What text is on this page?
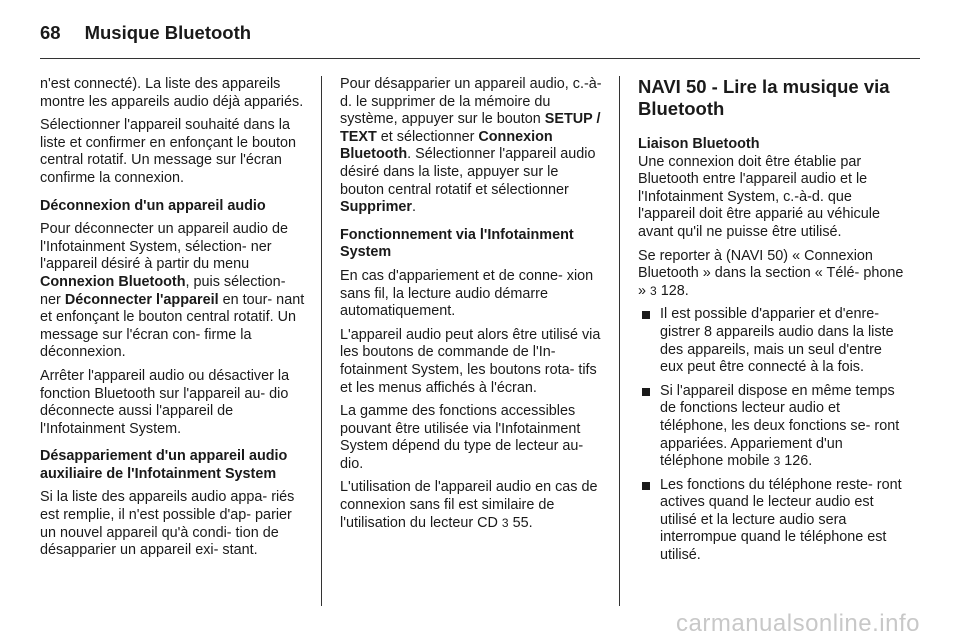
68 Musique Bluetooth

n'est connecté). La liste des appareils montre les appareils audio déjà appariés.

Sélectionner l'appareil souhaité dans la liste et confirmer en enfonçant le bouton central rotatif. Un message sur l'écran confirme la connexion.

Déconnexion d'un appareil audio

Pour déconnecter un appareil audio de l'Infotainment System, sélection‐ ner l'appareil désiré à partir du menu Connexion Bluetooth, puis sélection‐ ner Déconnecter l'appareil en tour‐ nant et enfonçant le bouton central rotatif. Un message sur l'écran con‐ firme la déconnexion.

Arrêter l'appareil audio ou désactiver la fonction Bluetooth sur l'appareil au‐ dio déconnecte aussi l'appareil de l'Infotainment System.

Désappariement d'un appareil audio auxiliaire de l'Infotainment System

Si la liste des appareils audio appa‐ riés est remplie, il n'est possible d'ap‐ parier un nouvel appareil qu'à condi‐ tion de désapparier un appareil exi‐ stant.

Pour désapparier un appareil audio, c.-à-d. le supprimer de la mémoire du système, appuyer sur le bouton SETUP / TEXT et sélectionner Connexion Bluetooth. Sélectionner l'appareil audio désiré dans la liste, appuyer sur le bouton central rotatif et sélectionner Supprimer.

Fonctionnement via l'Infotainment System

En cas d'appariement et de conne‐ xion sans fil, la lecture audio démarre automatiquement.

L'appareil audio peut alors être utilisé via les boutons de commande de l'In‐ fotainment System, les boutons rota‐ tifs et les menus affichés à l'écran.

La gamme des fonctions accessibles pouvant être utilisée via l'Infotainment System dépend du type de lecteur au‐ dio.

L'utilisation de l'appareil audio en cas de connexion sans fil est similaire de l'utilisation du lecteur CD 3 55.

NAVI 50 - Lire la musique via Bluetooth

Liaison Bluetooth

Une connexion doit être établie par Bluetooth entre l'appareil audio et le l'Infotainment System, c.-à-d. que l'appareil doit être apparié au véhicule avant qu'il ne puisse être utilisé.

Se reporter à (NAVI 50) « Connexion Bluetooth » dans la section « Télé‐ phone » 3 128.

Il est possible d'apparier et d'enre‐ gistrer 8 appareils audio dans la liste des appareils, mais un seul d'entre eux peut être connecté à la fois.
Si l'appareil dispose en même temps de fonctions lecteur audio et téléphone, les deux fonctions se‐ ront appariées. Appariement d'un téléphone mobile 3 126.
Les fonctions du téléphone reste‐ ront actives quand le lecteur audio est utilisé et la lecture audio sera interrompue quand le téléphone est utilisé.
carmanualsonline.info
